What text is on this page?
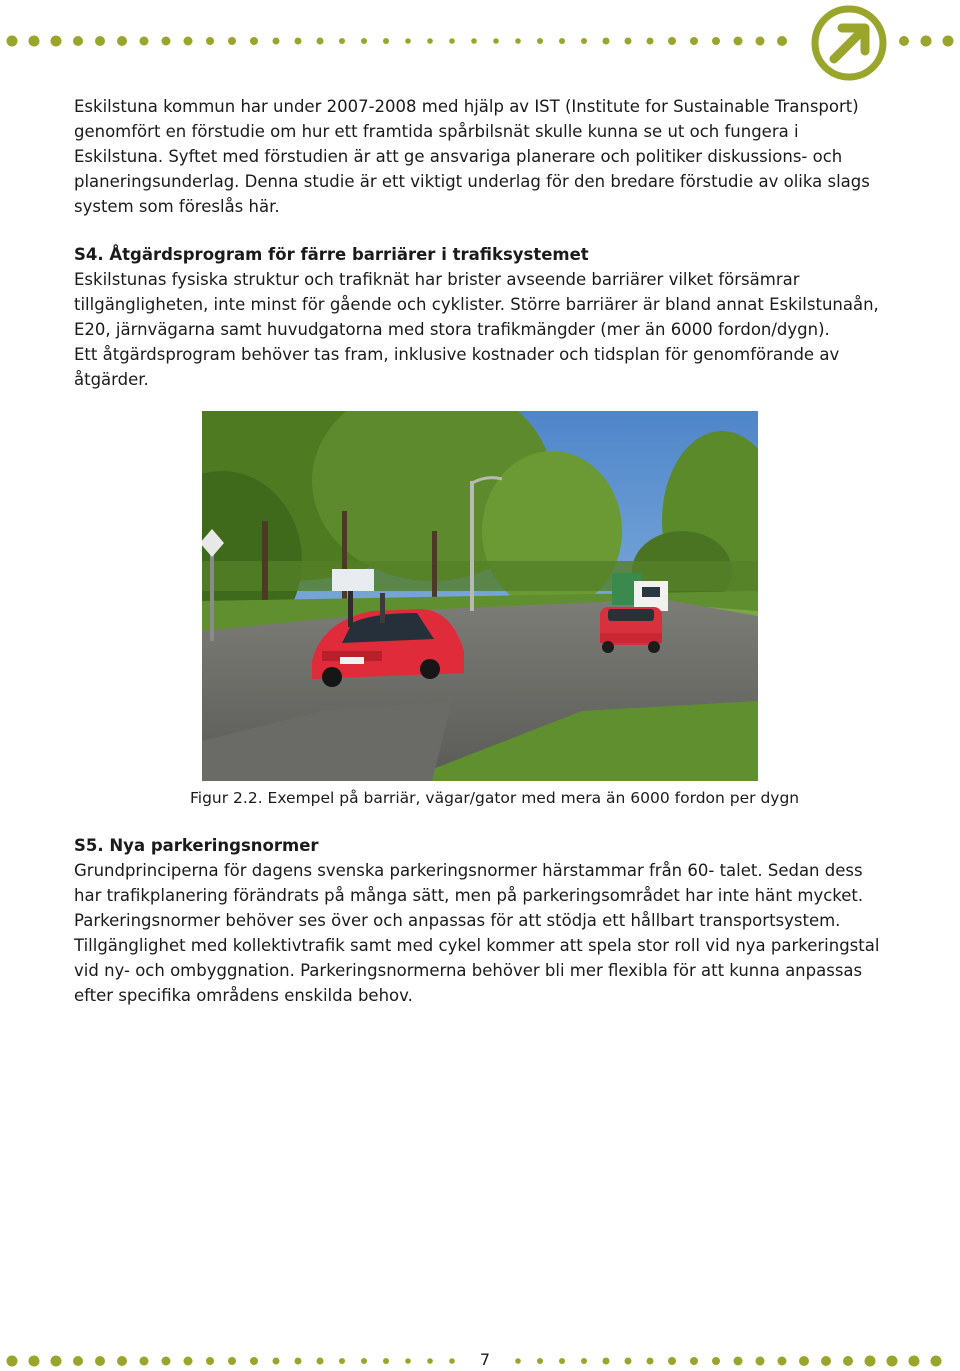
Eskilstuna kommun har under 2007-2008 med hjälp av IST (Institute for Sustainable Transport) genomfört en förstudie om hur ett framtida spårbilsnät skulle kunna se ut och fungera i Eskilstuna. Syftet med förstudien är att ge ansvariga planerare och politiker diskussions- och planeringsunderlag. Denna studie är ett viktigt underlag för den bredare förstudie av olika slags system som föreslås här.

S4. Åtgärdsprogram för färre barriärer i trafiksystemet

Eskilstunas fysiska struktur och trafiknät har brister avseende barriärer vilket försämrar tillgängligheten, inte minst för gående och cyklister. Större barriärer är bland annat Eskilstunaån, E20, järnvägarna samt huvudgatorna med stora trafikmängder (mer än 6000 fordon/dygn).

Ett åtgärdsprogram behöver tas fram, inklusive kostnader och tidsplan för genomförande av åtgärder.

Figur 2.2. Exempel på barriär, vägar/gator med mera än 6000 fordon per dygn

S5. Nya parkeringsnormer

Grundprinciperna för dagens svenska parkeringsnormer härstammar från 60- talet. Sedan dess har trafikplanering förändrats på många sätt, men på parkeringsområdet har inte hänt mycket. Parkeringsnormer behöver ses över och anpassas för att stödja ett hållbart transportsystem. Tillgänglighet med kollektivtrafik samt med cykel kommer att spela stor roll vid nya parkeringstal vid ny- och ombyggnation. Parkeringsnormerna behöver bli mer flexibla för att kunna anpassas efter specifika områdens enskilda behov.

7
